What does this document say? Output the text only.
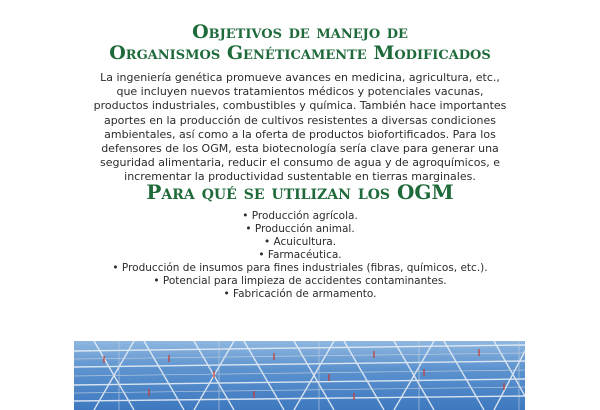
Objetivos de manejo de
Organismos Genéticamente Modificados

La ingeniería genética promueve avances en medicina, agricultura, etc., que incluyen nuevos tratamientos médicos y potenciales vacunas, productos industriales, combustibles y química. También hace importantes aportes en la producción de cultivos resistentes a diversas condiciones ambientales, así como a la oferta de productos biofortificados. Para los defensores de los OGM, esta biotecnología sería clave para generar una seguridad alimentaria, reducir el consumo de agua y de agroquímicos, e incrementar la productividad sustentable en tierras marginales.

Para qué se utilizan los OGM
• Producción agrícola.
• Producción animal.
• Acuicultura.
• Farmacéutica.
• Producción de insumos para fines industriales (fibras, químicos, etc.).
• Potencial para limpieza de accidentes contaminantes.
• Fabricación de armamento.
